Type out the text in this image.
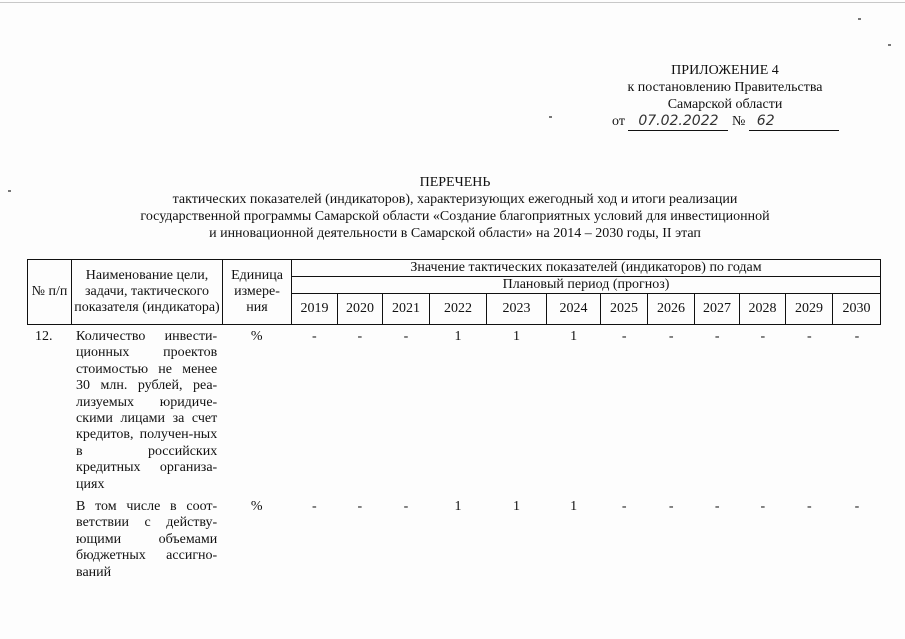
ПРИЛОЖЕНИЕ 4
к постановлению Правительства
Самарской области
от 07.02.2022 № 62
ПЕРЕЧЕНЬ
тактических показателей (индикаторов), характеризующих ежегодный ход и итоги реализации
государственной программы Самарской области «Создание благоприятных условий для инвестиционной
и инновационной деятельности в Самарской области» на 2014 – 2030 годы, II этап
№ п/п	Наименование цели, задачи, тактического показателя (индикатора)	Единица измере-ния	Значение тактических показателей (индикаторов) по годам											
			Плановый период (прогноз)											
			2019	2020	2021	2022	2023	2024	2025	2026	2027	2028	2029	2030
12.	Количество инвести-ционных проектов стоимостью не менее 30 млн. рублей, реа-лизуемых юридиче-скими лицами за счет кредитов, получен-ных в российских кредитных организа-циях	%	-	-	-	1	1	1	-	-	-	-	-	-
	В том числе в соот-ветствии с действу-ющими объемами бюджетных ассигно-ваний	%	-	-	-	1	1	1	-	-	-	-	-	-
